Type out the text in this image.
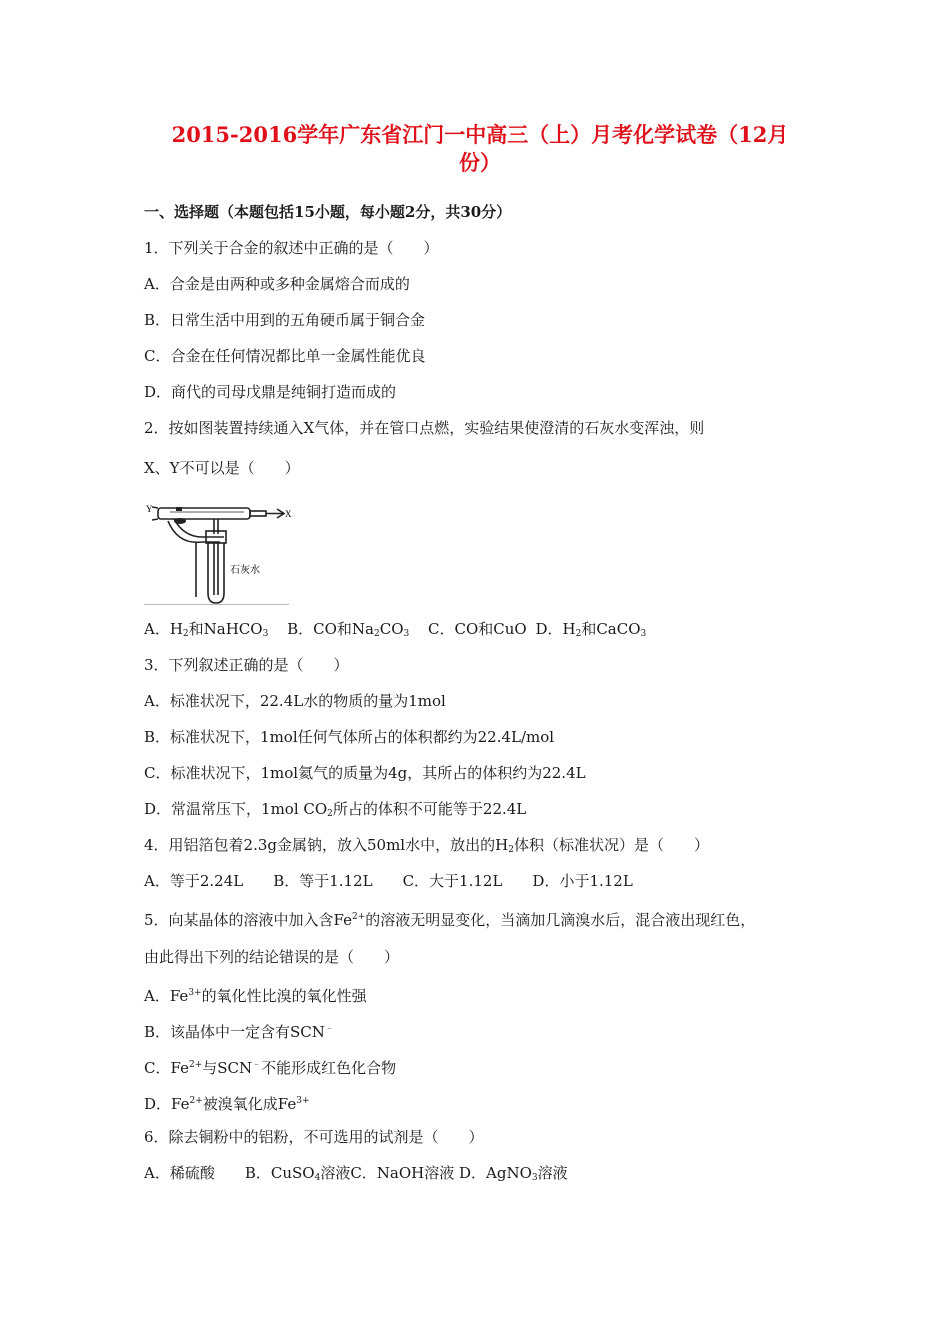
2015-2016学年广东省江门一中高三（上）月考化学试卷（12月
份）
一、选择题（本题包括15小题，每小题2分，共30分）
1．下列关于合金的叙述中正确的是（　　）
A．合金是由两种或多种金属熔合而成的
B．日常生活中用到的五角硬币属于铜合金
C．合金在任何情况都比单一金属性能优良
D．商代的司母戊鼎是纯铜打造而成的
2．按如图装置持续通入X气体，并在管口点燃，实验结果使澄清的石灰水变浑浊，则
X、Y不可以是（　　）
Y	X
石灰水
A．$H_2$和NaHCO$_3$ B．CO和$Na_2CO_3$ C．CO和CuO D．$H_2$和CaCO$_3$
3．下列叙述正确的是（　　）
A．标准状况下，22.4L水的物质的量为1mol
B．标准状况下，1mol任何气体所占的体积都约为22.4L/mol
C．标准状况下，1mol氦气的质量为4g，其所占的体积约为22.4L
D．常温常压下，1mol $CO_2$所占的体积不可能等于22.4L
4．用铝箔包着2.3g金属钠，放入50ml水中，放出的$H_2$体积（标准状况）是（　　）
A．等于2.24L　　B．等于1.12L　　C．大于1.12L　　D．小于1.12L
5．向某晶体的溶液中加入含$Fe^{2+}$的溶液无明显变化，当滴加几滴溴水后，混合液出现红色，
由此得出下列的结论错误的是（　　）
A．$Fe^{3+}$的氧化性比溴的氧化性强
B．该晶体中一定含有SCN﹣
C．$Fe^{2+}$与SCN﹣不能形成红色化合物
D．$Fe^{2+}$被溴氧化成$Fe^{3+}$
6．除去铜粉中的铝粉，不可选用的试剂是（　　）
A．稀硫酸　　B．CuSO$_4$溶液C．NaOH溶液 D．AgNO$_3$溶液
